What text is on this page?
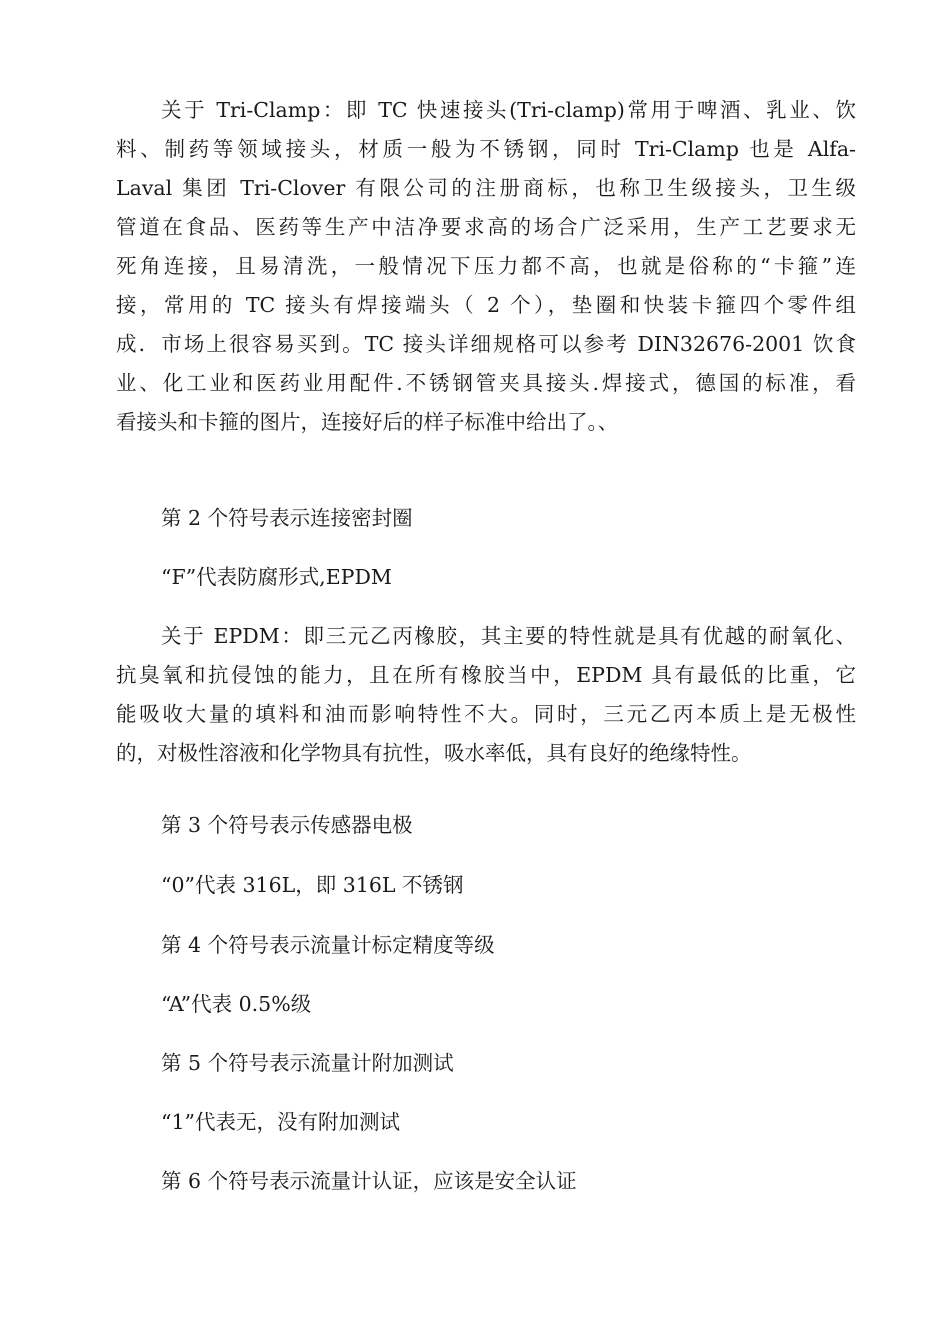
关于 Tri-Clamp：即 TC 快速接头(Tri-clamp)常用于啤酒、乳业、饮
料、制药等领域接头，材质一般为不锈钢，同时 Tri-Clamp 也是 Alfa-
Laval 集团 Tri-Clover 有限公司的注册商标，也称卫生级接头，卫生级
管道在食品、医药等生产中洁净要求高的场合广泛采用，生产工艺要求无
死角连接，且易清洗，一般情况下压力都不高，也就是俗称的“卡箍”连
接，常用的 TC 接头有焊接端头（ 2 个），垫圈和快装卡箍四个零件组
成．市场上很容易买到。TC 接头详细规格可以参考 DIN32676-2001 饮食
业、化工业和医药业用配件.不锈钢管夹具接头.焊接式，德国的标准，看
看接头和卡箍的图片，连接好后的样子标准中给出了。、
第 2 个符号表示连接密封圈
“F”代表防腐形式,EPDM
关于 EPDM：即三元乙丙橡胶，其主要的特性就是具有优越的耐氧化、
抗臭氧和抗侵蚀的能力，且在所有橡胶当中，EPDM 具有最低的比重，它
能吸收大量的填料和油而影响特性不大。同时，三元乙丙本质上是无极性
的，对极性溶液和化学物具有抗性，吸水率低，具有良好的绝缘特性。
第 3 个符号表示传感器电极
“0”代表 316L，即 316L 不锈钢
第 4 个符号表示流量计标定精度等级
“A”代表 0.5%级
第 5 个符号表示流量计附加测试
“1”代表无，没有附加测试
第 6 个符号表示流量计认证，应该是安全认证
